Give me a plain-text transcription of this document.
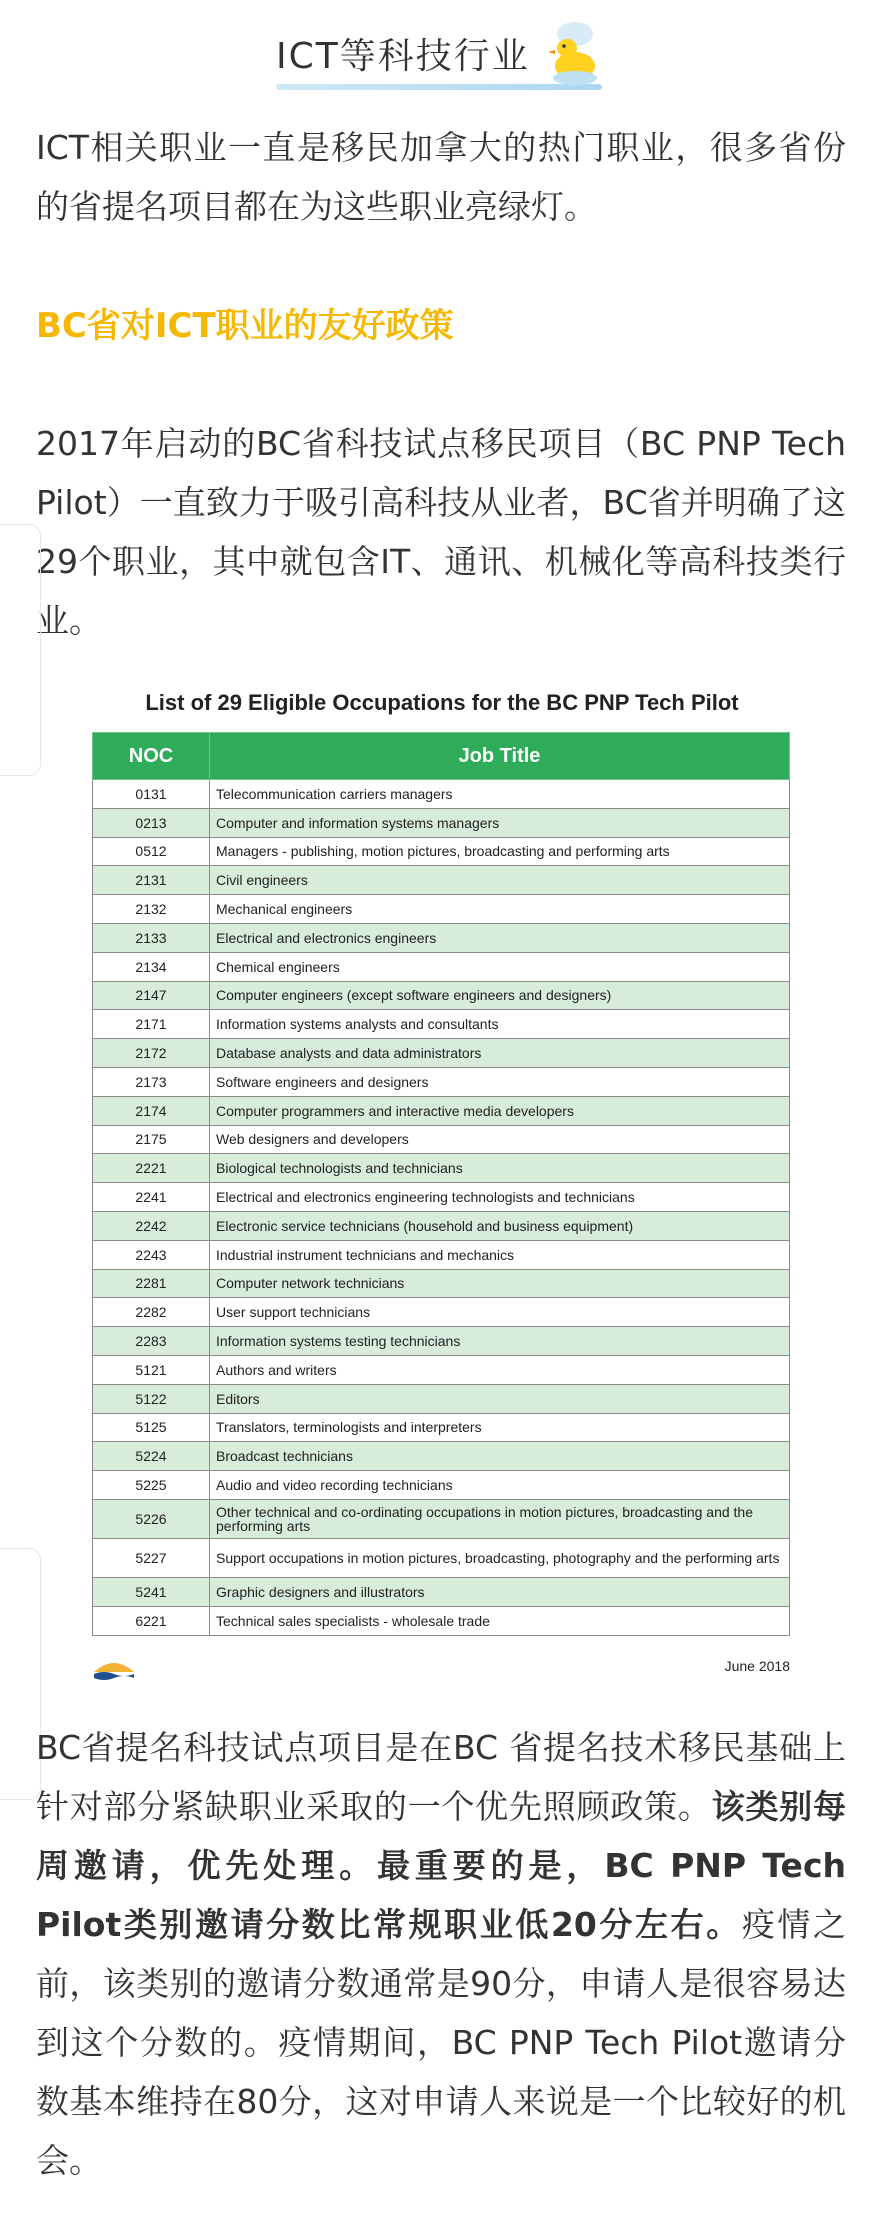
ICT等科技行业

ICT相关职业一直是移民加拿大的热门职业，很多省份的省提名项目都在为这些职业亮绿灯。

BC省对ICT职业的友好政策

2017年启动的BC省科技试点移民项目（BC PNP Tech Pilot）一直致力于吸引高科技从业者，BC省并明确了这29个职业，其中就包含IT、通讯、机械化等高科技类行业。

List of 29 Eligible Occupations for the BC PNP Tech Pilot
NOC	Job Title
0131	Telecommunication carriers managers
0213	Computer and information systems managers
0512	Managers - publishing, motion pictures, broadcasting and performing arts
2131	Civil engineers
2132	Mechanical engineers
2133	Electrical and electronics engineers
2134	Chemical engineers
2147	Computer engineers (except software engineers and designers)
2171	Information systems analysts and consultants
2172	Database analysts and data administrators
2173	Software engineers and designers
2174	Computer programmers and interactive media developers
2175	Web designers and developers
2221	Biological technologists and technicians
2241	Electrical and electronics engineering technologists and technicians
2242	Electronic service technicians (household and business equipment)
2243	Industrial instrument technicians and mechanics
2281	Computer network technicians
2282	User support technicians
2283	Information systems testing technicians
5121	Authors and writers
5122	Editors
5125	Translators, terminologists and interpreters
5224	Broadcast technicians
5225	Audio and video recording technicians
5226	Other technical and co-ordinating occupations in motion pictures, broadcasting and the performing arts
5227	Support occupations in motion pictures, broadcasting, photography and the performing arts
5241	Graphic designers and illustrators
6221	Technical sales specialists - wholesale trade
June 2018

BC省提名科技试点项目是在BC 省提名技术移民基础上针对部分紧缺职业采取的一个优先照顾政策。该类别每周邀请，优先处理。最重要的是，BC PNP Tech Pilot类别邀请分数比常规职业低20分左右。疫情之前，该类别的邀请分数通常是90分，申请人是很容易达到这个分数的。疫情期间，BC PNP Tech Pilot邀请分数基本维持在80分，这对申请人来说是一个比较好的机会。
